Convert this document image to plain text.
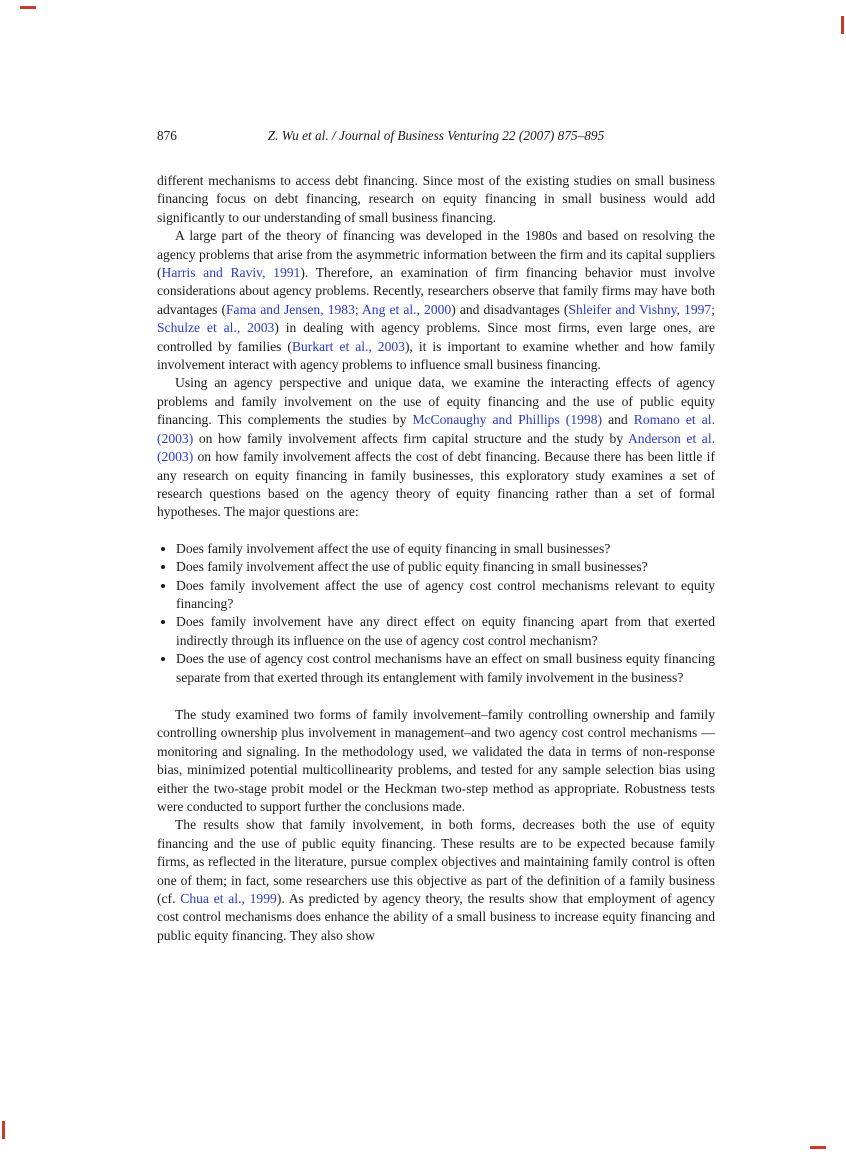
876	Z. Wu et al. / Journal of Business Venturing 22 (2007) 875–895

different mechanisms to access debt financing. Since most of the existing studies on small business financing focus on debt financing, research on equity financing in small business would add significantly to our understanding of small business financing.

A large part of the theory of financing was developed in the 1980s and based on resolving the agency problems that arise from the asymmetric information between the firm and its capital suppliers (Harris and Raviv, 1991). Therefore, an examination of firm financing behavior must involve considerations about agency problems. Recently, researchers observe that family firms may have both advantages (Fama and Jensen, 1983; Ang et al., 2000) and disadvantages (Shleifer and Vishny, 1997; Schulze et al., 2003) in dealing with agency problems. Since most firms, even large ones, are controlled by families (Burkart et al., 2003), it is important to examine whether and how family involvement interact with agency problems to influence small business financing.

Using an agency perspective and unique data, we examine the interacting effects of agency problems and family involvement on the use of equity financing and the use of public equity financing. This complements the studies by McConaughy and Phillips (1998) and Romano et al. (2003) on how family involvement affects firm capital structure and the study by Anderson et al. (2003) on how family involvement affects the cost of debt financing. Because there has been little if any research on equity financing in family businesses, this exploratory study examines a set of research questions based on the agency theory of equity financing rather than a set of formal hypotheses. The major questions are:

• Does family involvement affect the use of equity financing in small businesses?
• Does family involvement affect the use of public equity financing in small businesses?
• Does family involvement affect the use of agency cost control mechanisms relevant to equity financing?
• Does family involvement have any direct effect on equity financing apart from that exerted indirectly through its influence on the use of agency cost control mechanism?
• Does the use of agency cost control mechanisms have an effect on small business equity financing separate from that exerted through its entanglement with family involvement in the business?

The study examined two forms of family involvement–family controlling ownership and family controlling ownership plus involvement in management–and two agency cost control mechanisms — monitoring and signaling. In the methodology used, we validated the data in terms of non-response bias, minimized potential multicollinearity problems, and tested for any sample selection bias using either the two-stage probit model or the Heckman two-step method as appropriate. Robustness tests were conducted to support further the conclusions made.

The results show that family involvement, in both forms, decreases both the use of equity financing and the use of public equity financing. These results are to be expected because family firms, as reflected in the literature, pursue complex objectives and maintaining family control is often one of them; in fact, some researchers use this objective as part of the definition of a family business (cf. Chua et al., 1999). As predicted by agency theory, the results show that employment of agency cost control mechanisms does enhance the ability of a small business to increase equity financing and public equity financing. They also show
